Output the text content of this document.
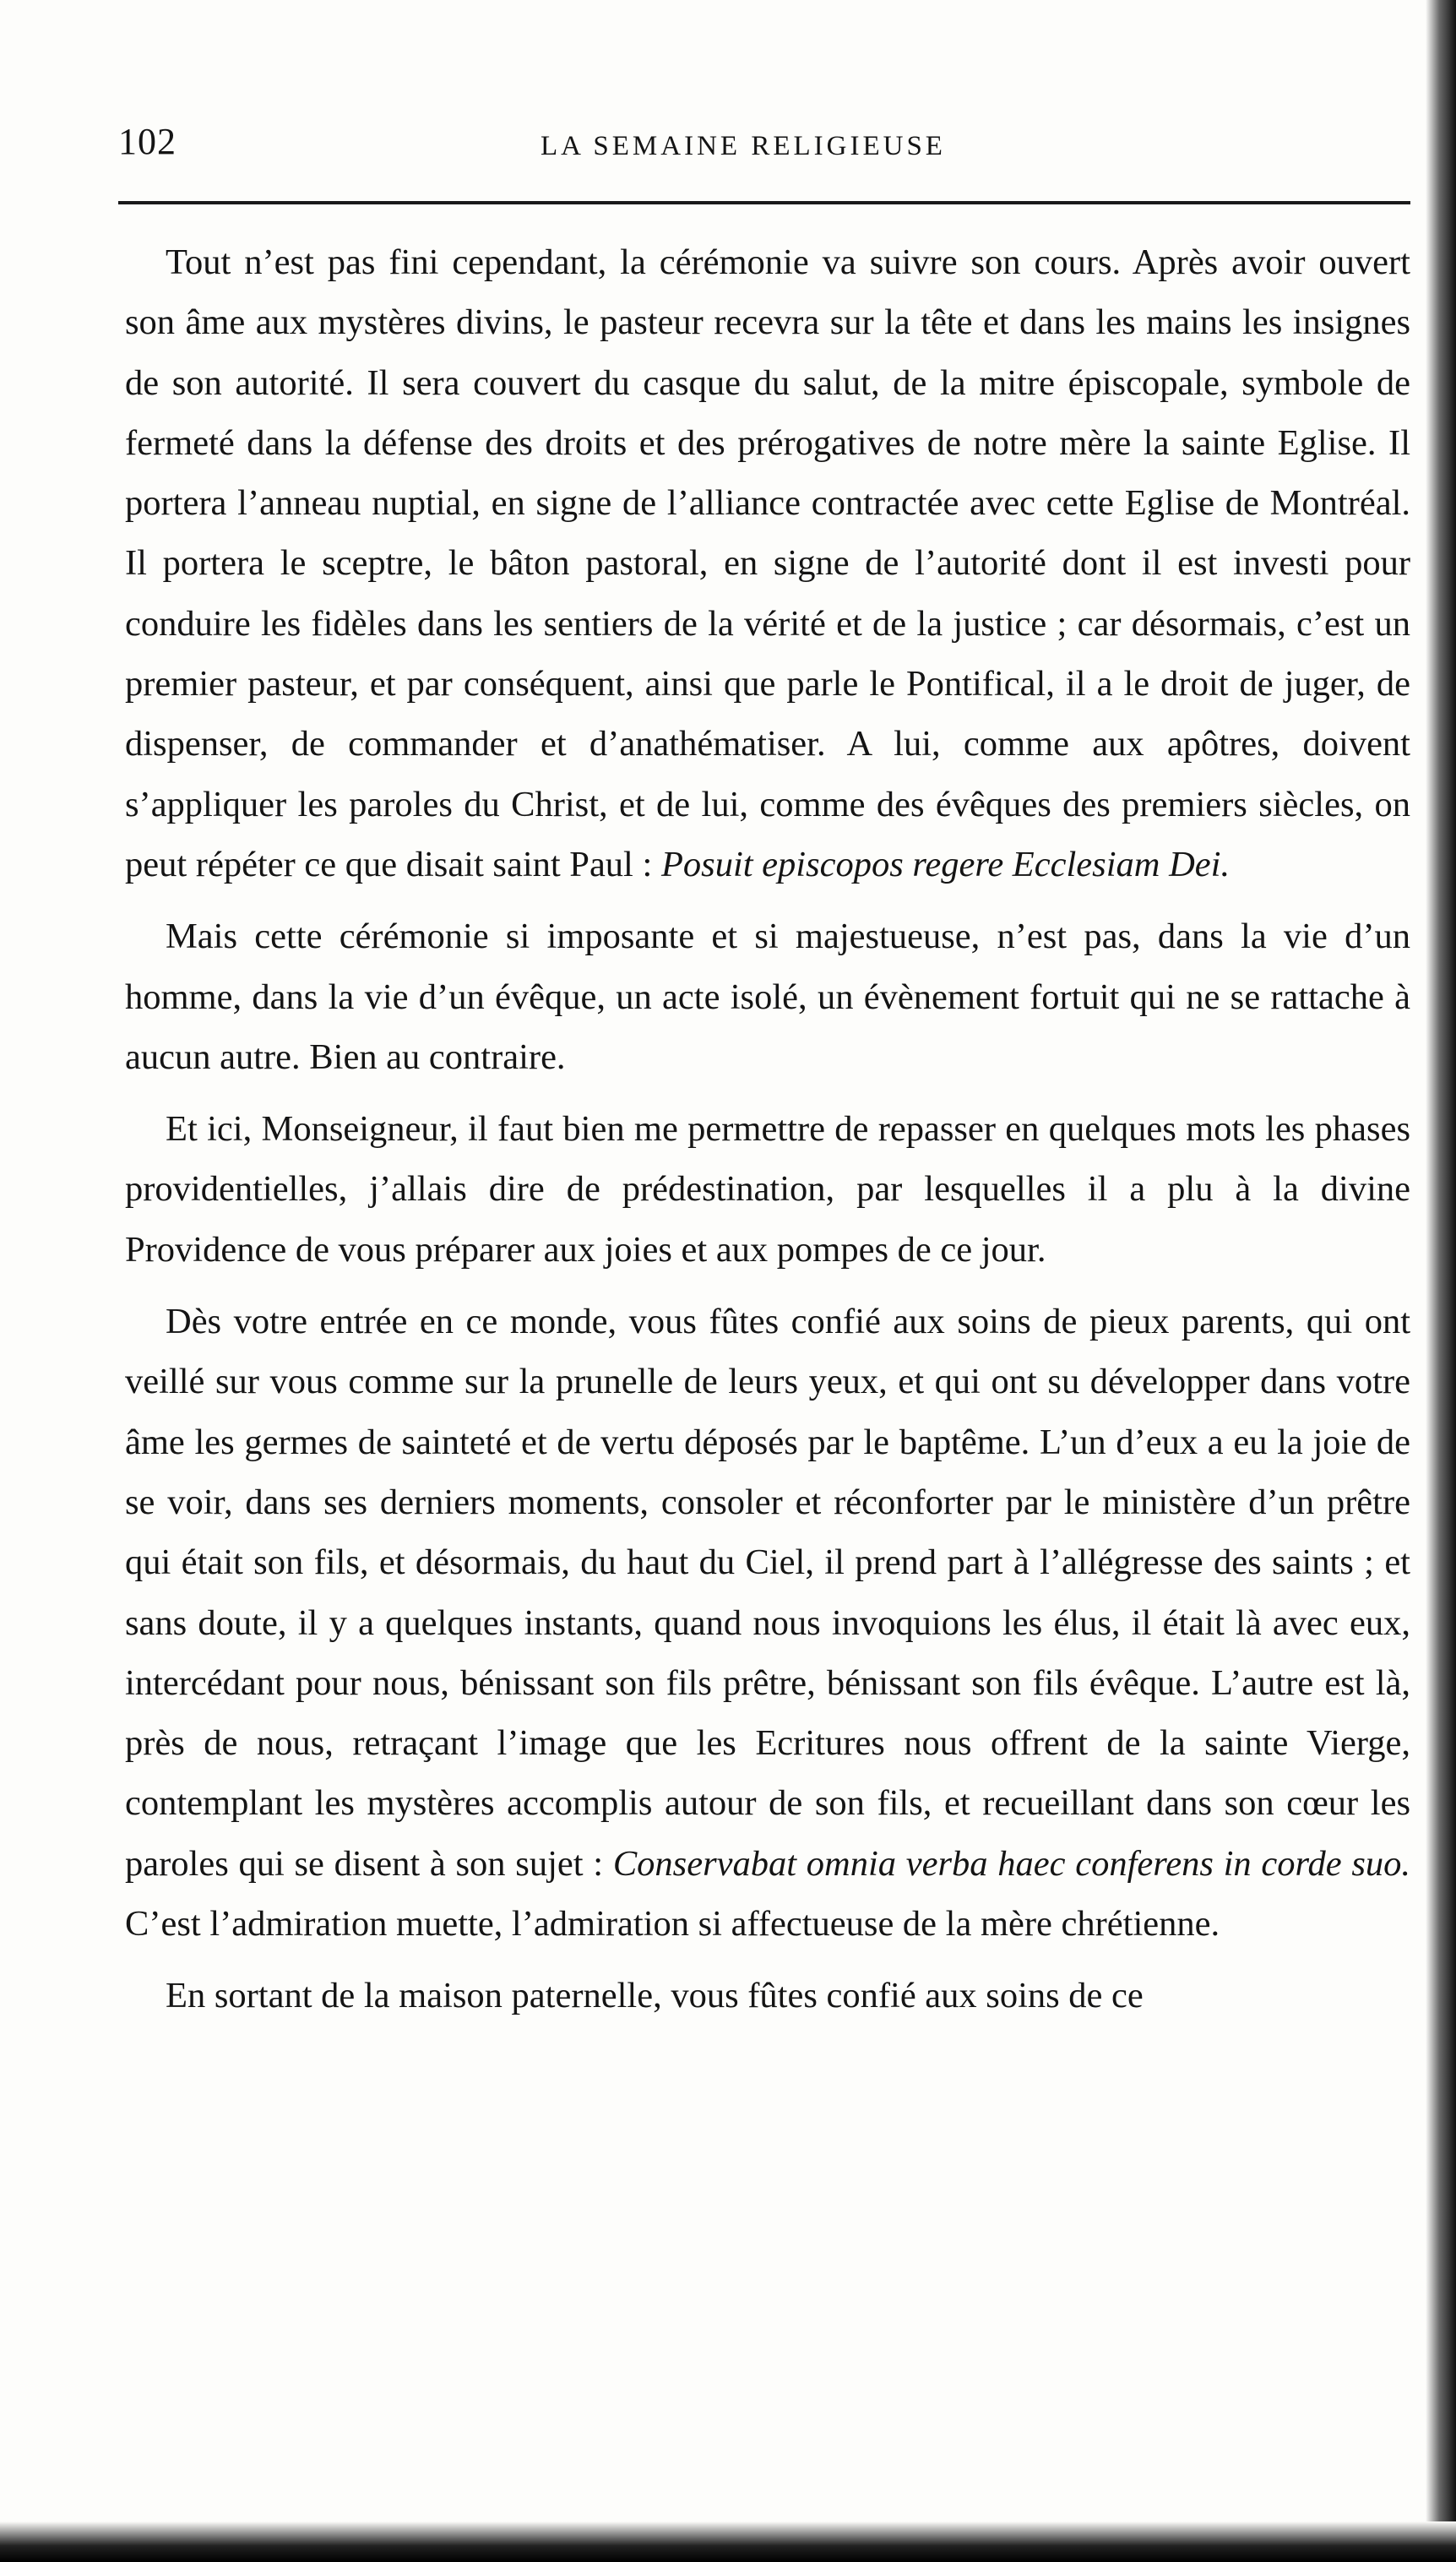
102	LA SEMAINE RELIGIEUSE

Tout n’est pas fini cependant, la cérémonie va suivre son cours. Après avoir ouvert son âme aux mystères divins, le pasteur recevra sur la tête et dans les mains les insignes de son autorité. Il sera couvert du casque du salut, de la mitre épiscopale, symbole de fermeté dans la défense des droits et des prérogatives de notre mère la sainte Eglise. Il portera l’anneau nuptial, en signe de l’alliance contractée avec cette Eglise de Montréal. Il portera le sceptre, le bâton pastoral, en signe de l’autorité dont il est investi pour conduire les fidèles dans les sentiers de la vérité et de la justice ; car désormais, c’est un premier pasteur, et par conséquent, ainsi que parle le Pontifical, il a le droit de juger, de dispenser, de commander et d’anathématiser. A lui, comme aux apôtres, doivent s’appliquer les paroles du Christ, et de lui, comme des évêques des premiers siècles, on peut répéter ce que disait saint Paul : Posuit episcopos regere Ecclesiam Dei.

Mais cette cérémonie si imposante et si majestueuse, n’est pas, dans la vie d’un homme, dans la vie d’un évêque, un acte isolé, un évènement fortuit qui ne se rattache à aucun autre. Bien au contraire.

Et ici, Monseigneur, il faut bien me permettre de repasser en quelques mots les phases providentielles, j’allais dire de prédestination, par lesquelles il a plu à la divine Providence de vous préparer aux joies et aux pompes de ce jour.

Dès votre entrée en ce monde, vous fûtes confié aux soins de pieux parents, qui ont veillé sur vous comme sur la prunelle de leurs yeux, et qui ont su développer dans votre âme les germes de sainteté et de vertu déposés par le baptême. L’un d’eux a eu la joie de se voir, dans ses derniers moments, consoler et réconforter par le ministère d’un prêtre qui était son fils, et désormais, du haut du Ciel, il prend part à l’allégresse des saints ; et sans doute, il y a quelques instants, quand nous invoquions les élus, il était là avec eux, intercédant pour nous, bénissant son fils prêtre, bénissant son fils évêque. L’autre est là, près de nous, retraçant l’image que les Ecritures nous offrent de la sainte Vierge, contemplant les mystères accomplis autour de son fils, et recueillant dans son cœur les paroles qui se disent à son sujet : Conservabat omnia verba haec conferens in corde suo. C’est l’admiration muette, l’admiration si affectueuse de la mère chrétienne.

En sortant de la maison paternelle, vous fûtes confié aux soins de ce
